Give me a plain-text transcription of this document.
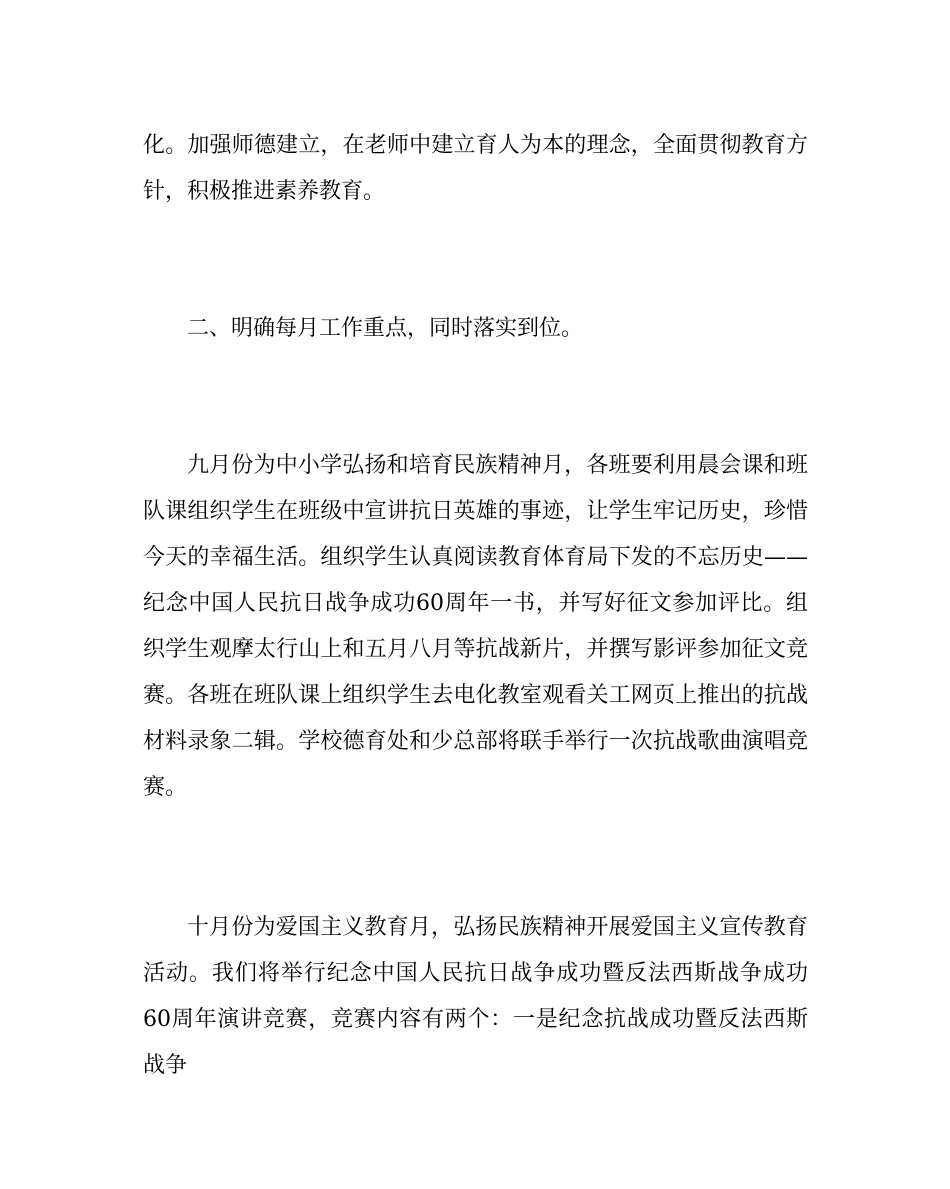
化。加强师德建立，在老师中建立育人为本的理念，全面贯彻教育方针，积极推进素养教育。

二、明确每月工作重点，同时落实到位。

九月份为中小学弘扬和培育民族精神月，各班要利用晨会课和班队课组织学生在班级中宣讲抗日英雄的事迹，让学生牢记历史，珍惜今天的幸福生活。组织学生认真阅读教育体育局下发的不忘历史——纪念中国人民抗日战争成功60周年一书，并写好征文参加评比。组织学生观摩太行山上和五月八月等抗战新片，并撰写影评参加征文竞赛。各班在班队课上组织学生去电化教室观看关工网页上推出的抗战材料录象二辑。学校德育处和少总部将联手举行一次抗战歌曲演唱竞赛。

十月份为爱国主义教育月，弘扬民族精神开展爱国主义宣传教育活动。我们将举行纪念中国人民抗日战争成功暨反法西斯战争成功60周年演讲竞赛，竞赛内容有两个：一是纪念抗战成功暨反法西斯战争
